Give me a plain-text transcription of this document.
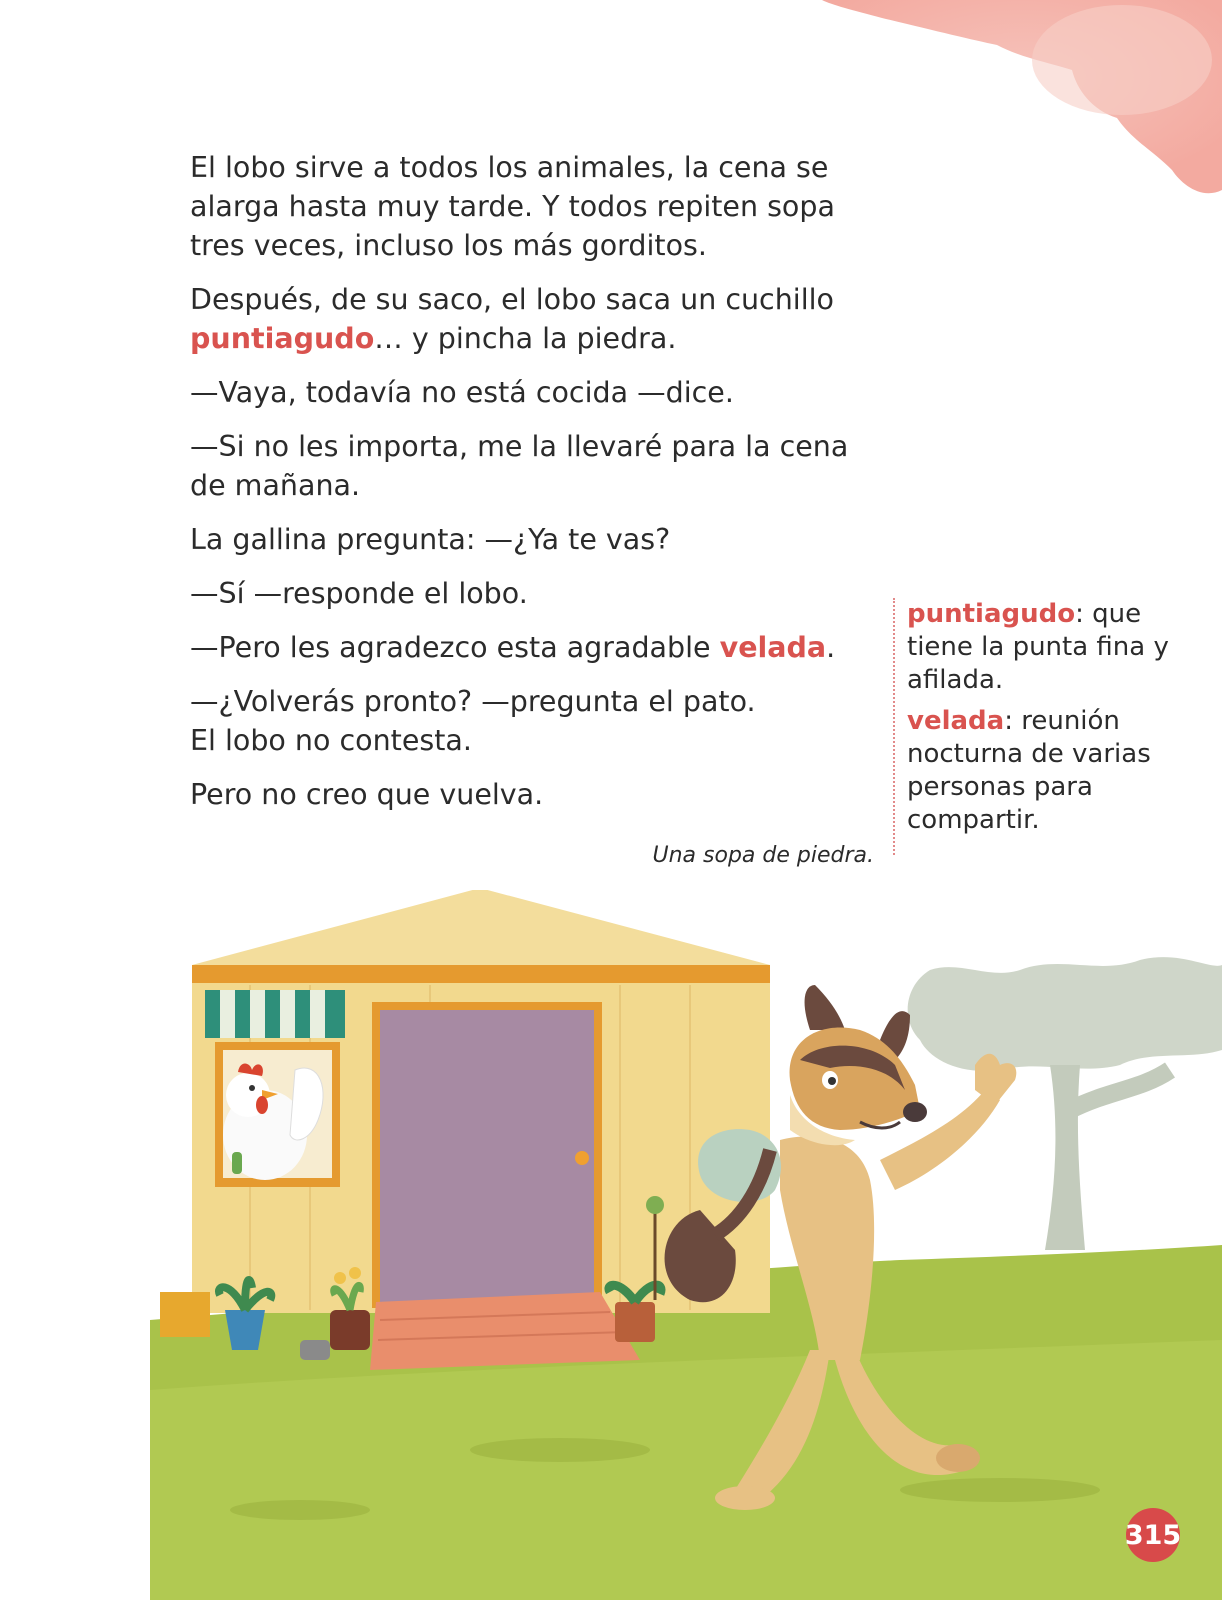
El lobo sirve a todos los animales, la cena se alarga hasta muy tarde. Y todos repiten sopa tres veces, incluso los más gorditos.

Después, de su saco, el lobo saca un cuchillo puntiagudo… y pincha la piedra.

—Vaya, todavía no está cocida —dice.

—Si no les importa, me la llevaré para la cena de mañana.

La gallina pregunta: —¿Ya te vas?

—Sí —responde el lobo.

—Pero les agradezco esta agradable velada.

—¿Volverás pronto? —pregunta el pato.
El lobo no contesta.

Pero no creo que vuelva.

Una sopa de piedra.

puntiagudo: que tiene la punta fina y afilada.

velada: reunión nocturna de varias personas para compartir.

315
